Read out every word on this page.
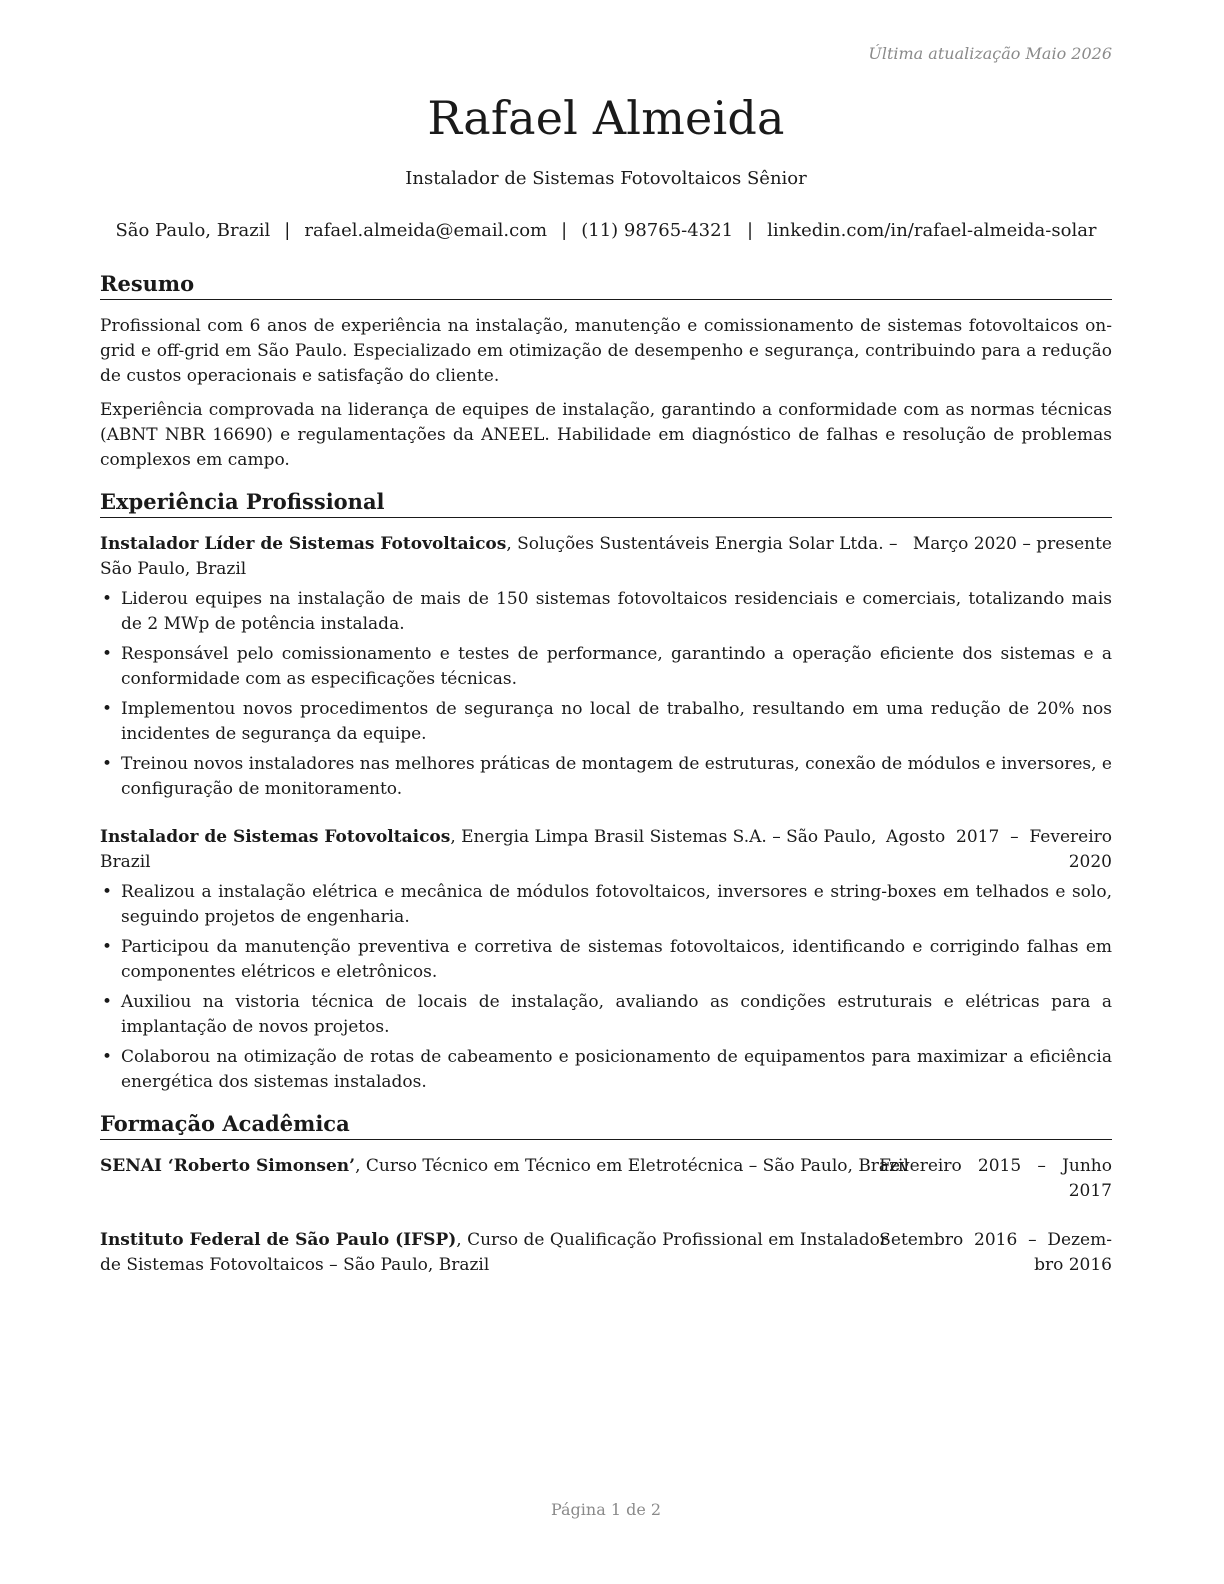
Última atualização Maio 2026
Rafael Almeida
Instalador de Sistemas Fotovoltaicos Sênior
São Paulo, Brazil | rafael.almeida@email.com | (11) 98765-4321 | linkedin.com/in/rafael-almeida-solar
Resumo

Profissional com 6 anos de experiência na instalação, manutenção e comissionamento de sistemas fotovoltaicos on-grid e off-grid em São Paulo. Especializado em otimização de desempenho e segurança, contribuindo para a redução de custos operacionais e satisfação do cliente.

Experiência comprovada na liderança de equipes de instalação, garantindo a conformidade com as normas técnicas (ABNT NBR 16690) e regulamentações da ANEEL. Habilidade em diagnóstico de falhas e resolução de problemas complexos em campo.

Experiência Profissional
Instalador Líder de Sistemas Fotovoltaicos, Soluções Sustentáveis Energia Solar Ltda. –
São Paulo, Brazil
Março 2020 – presente
• Liderou equipes na instalação de mais de 150 sistemas fotovoltaicos residenciais e comerciais, totalizando mais de 2 MWp de potência instalada.
• Responsável pelo comissionamento e testes de performance, garantindo a operação eficiente dos sistemas e a conformidade com as especificações técnicas.
• Implementou novos procedimentos de segurança no local de trabalho, resultando em uma redução de 20% nos incidentes de segurança da equipe.
• Treinou novos instaladores nas melhores práticas de montagem de estruturas, conexão de módulos e inversores, e configuração de monitoramento.
Instalador de Sistemas Fotovoltaicos, Energia Limpa Brasil Sistemas S.A. – São Paulo,
Brazil
Agosto  2017  –  Fevereiro
2020
• Realizou a instalação elétrica e mecânica de módulos fotovoltaicos, inversores e string-boxes em telhados e solo, seguindo projetos de engenharia.
• Participou da manutenção preventiva e corretiva de sistemas fotovoltaicos, identificando e corrigindo falhas em componentes elétricos e eletrônicos.
• Auxiliou na vistoria técnica de locais de instalação, avaliando as condições estruturais e elétricas para a implantação de novos projetos.
• Colaborou na otimização de rotas de cabeamento e posicionamento de equipamentos para maximizar a eficiência energética dos sistemas instalados.
Formação Acadêmica
SENAI ‘Roberto Simonsen’, Curso Técnico em Técnico em Eletrotécnica – São Paulo, Brazil
Fevereiro   2015   –   Junho
2017
Instituto Federal de São Paulo (IFSP), Curso de Qualificação Profissional em Instalador
de Sistemas Fotovoltaicos – São Paulo, Brazil
Setembro  2016  –  Dezem-
bro 2016
Página 1 de 2
